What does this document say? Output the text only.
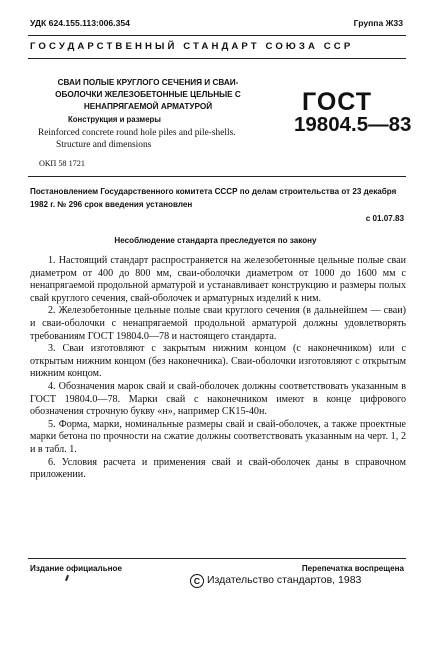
УДК 624.155.113:006.354	Группа Ж33
ГОСУДАРСТВЕННЫЙ СТАНДАРТ СОЮЗА ССР
СВАИ ПОЛЫЕ КРУГЛОГО СЕЧЕНИЯ И СВАИ-ОБОЛОЧКИ ЖЕЛЕЗОБЕТОННЫЕ ЦЕЛЬНЫЕ С НЕНАПРЯГАЕМОЙ АРМАТУРОЙ
Конструкция и размеры
Reinforced concrete round hole piles and pile-shells.
Structure and dimensions
ГОСТ
19804.5—83
ОКП 58 1721
Постановлением Государственного комитета СССР по делам строительства от 23 декабря 1982 г. № 296 срок введения установлен
с 01.07.83
Несоблюдение стандарта преследуется по закону

1. Настоящий стандарт распространяется на железобетонные цельные полые сваи диаметром от 400 до 800 мм, сваи-оболочки диаметром от 1000 до 1600 мм с ненапрягаемой продольной арматурой и устанавливает конструкцию и размеры полых свай круглого сечения, свай-оболочек и арматурных изделий к ним.

2. Железобетонные цельные полые сваи круглого сечения (в дальнейшем — сваи) и сваи-оболочки с ненапрягаемой продольной арматурой должны удовлетворять требованиям ГОСТ 19804.0—78 и настоящего стандарта.

3. Сваи изготовляют с закрытым нижним концом (с наконечником) или с открытым нижним концом (без наконечника). Сваи-оболочки изготовляют с открытым нижним концом.

4. Обозначения марок свай и свай-оболочек должны соответствовать указанным в ГОСТ 19804.0—78. Марки свай с наконечником имеют в конце цифрового обозначения строчную букву «н», например СК15-40н.

5. Форма, марки, номинальные размеры свай и свай-оболочек, а также проектные марки бетона по прочности на сжатие должны соответствовать указанным на черт. 1, 2 и в табл. 1.

6. Условия расчета и применения свай и свай-оболочек даны в справочном приложении.

Издание официальное	Перепечатка воспрещена
C Издательство стандартов, 1983
